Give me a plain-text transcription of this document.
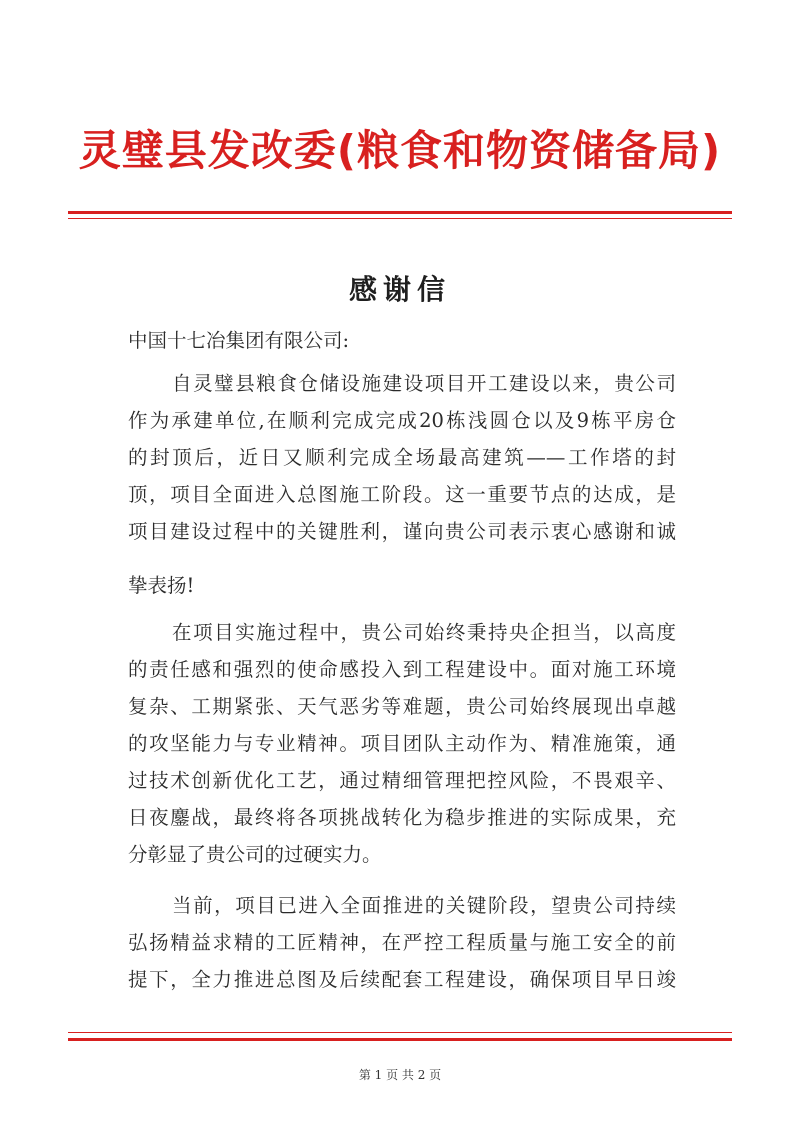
灵璧县发改委(粮食和物资储备局)
感谢信
中国十七冶集团有限公司:
自灵璧县粮食仓储设施建设项目开工建设以来，贵公司
作为承建单位,在顺利完成完成20栋浅圆仓以及9栋平房仓
的封顶后，近日又顺利完成全场最高建筑——工作塔的封
顶，项目全面进入总图施工阶段。这一重要节点的达成，是
项目建设过程中的关键胜利，谨向贵公司表示衷心感谢和诚
挚表扬!
在项目实施过程中，贵公司始终秉持央企担当，以高度
的责任感和强烈的使命感投入到工程建设中。面对施工环境
复杂、工期紧张、天气恶劣等难题，贵公司始终展现出卓越
的攻坚能力与专业精神。项目团队主动作为、精准施策，通
过技术创新优化工艺，通过精细管理把控风险，不畏艰辛、
日夜鏖战，最终将各项挑战转化为稳步推进的实际成果，充
分彰显了贵公司的过硬实力。
当前，项目已进入全面推进的关键阶段，望贵公司持续
弘扬精益求精的工匠精神，在严控工程质量与施工安全的前
提下，全力推进总图及后续配套工程建设，确保项目早日竣
第 1 页 共 2 页
